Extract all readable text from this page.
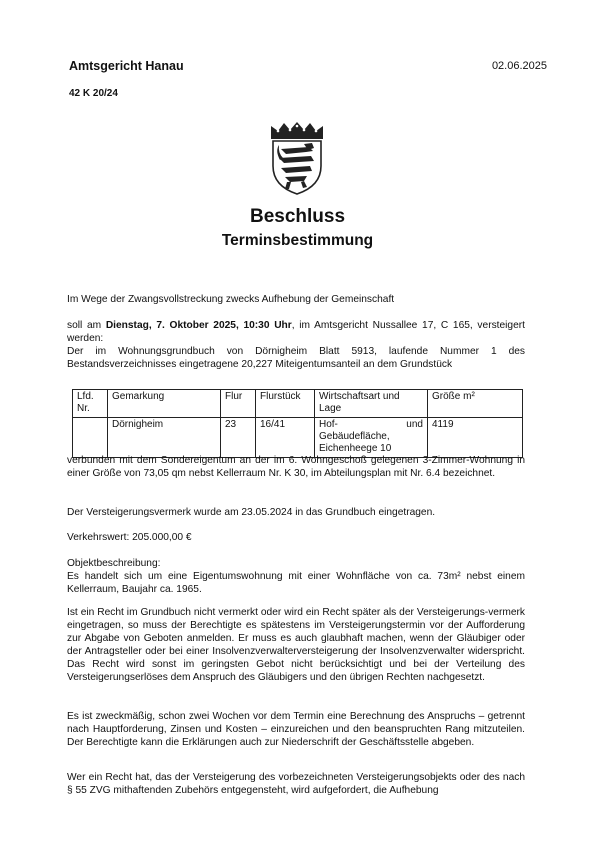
Amtsgericht Hanau	02.06.2025
42 K 20/24
Beschluss
Terminsbestimmung
Im Wege der Zwangsvollstreckung zwecks Aufhebung der Gemeinschaft
soll am Dienstag, 7. Oktober 2025, 10:30 Uhr, im Amtsgericht Nussallee 17, C 165, versteigert werden:
Der im Wohnungsgrundbuch von Dörnigheim Blatt 5913, laufende Nummer 1 des Bestandsverzeichnisses eingetragene 20,227 Miteigentumsanteil an dem Grundstück
Lfd. Nr.	Gemarkung	Flur	Flurstück	Wirtschaftsart und Lage	Größe m²
	Dörnigheim	23	16/41	Hof- und Gebäudefläche, Eichenheege 10	4119
verbunden mit dem Sondereigentum an der im 6. Wohngeschoß gelegenen 3-Zimmer-Wohnung in einer Größe von 73,05 qm nebst Kellerraum Nr. K 30, im Abteilungsplan mit Nr. 6.4 bezeichnet.
Der Versteigerungsvermerk wurde am 23.05.2024 in das Grundbuch eingetragen.
Verkehrswert: 205.000,00 €
Objektbeschreibung:
Es handelt sich um eine Eigentumswohnung mit einer Wohnfläche von ca. 73m² nebst einem Kellerraum, Baujahr ca. 1965.
Ist ein Recht im Grundbuch nicht vermerkt oder wird ein Recht später als der Versteigerungs-vermerk eingetragen, so muss der Berechtigte es spätestens im Versteigerungstermin vor der Aufforderung zur Abgabe von Geboten anmelden. Er muss es auch glaubhaft machen, wenn der Gläubiger oder der Antragsteller oder bei einer Insolvenzverwalterversteigerung der Insolvenzverwalter widerspricht. Das Recht wird sonst im geringsten Gebot nicht berücksichtigt und bei der Verteilung des Versteigerungserlöses dem Anspruch des Gläubigers und den übrigen Rechten nachgesetzt.
Es ist zweckmäßig, schon zwei Wochen vor dem Termin eine Berechnung des Anspruchs – getrennt nach Hauptforderung, Zinsen und Kosten – einzureichen und den beanspruchten Rang mitzuteilen. Der Berechtigte kann die Erklärungen auch zur Niederschrift der Geschäftsstelle abgeben.
Wer ein Recht hat, das der Versteigerung des vorbezeichneten Versteigerungsobjekts oder des nach § 55 ZVG mithaftenden Zubehörs entgegensteht, wird aufgefordert, die Aufhebung
